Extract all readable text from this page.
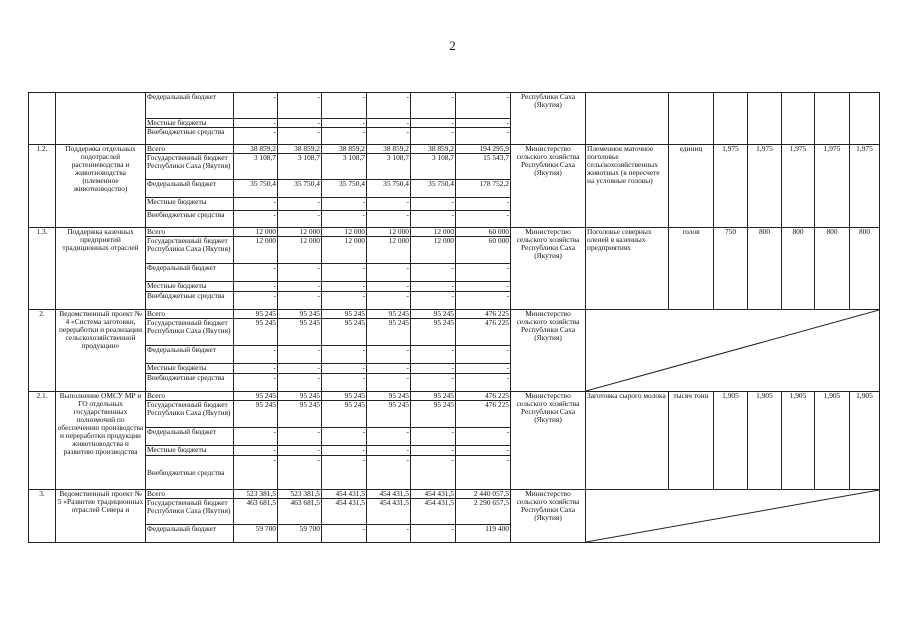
2
		Федеральный бюджет	-	-	-	-	-	-	Республики Саха (Якутия)							
		Местные бюджеты	-	-	-	-	-	-								
		Внебюджетные средства	-	-	-	-	-	-								
1.2.	Поддержка отдельных подотраслей растениеводства и животноводства (племенное животноводство)	Всего	38 859,2	38 859,2	38 859,2	38 859,2	38 859,2	194 295,9	Министерство сельского хозяйства Республики Саха (Якутия)	Племенное маточное поголовье сельскохозяйственных животных (в пересчете на условные головы)	единиц	1,975	1,975	1,975	1,975	1,975
		Государственный бюджет Республики Саха (Якутия)	3 108,7	3 108,7	3 108,7	3 108,7	3 108,7	15 543,7								
		Федеральный бюджет	35 750,4	35 750,4	35 750,4	35 750,4	35 750,4	178 752,2								
		Местные бюджеты	-	-	-	-	-	-								
		Внебюджетные средства	-	-	-	-	-	-								
1.3.	Поддержка казенных предприятий традиционных отраслей	Всего	12 000	12 000	12 000	12 000	12 000	60 000	Министерство сельского хозяйства Республики Саха (Якутия)	Поголовье северных оленей в казенных предприятиях	голов	750	800	800	800	800
		Государственный бюджет Республики Саха (Якутия)	12 000	12 000	12 000	12 000	12 000	60 000								
		Федеральный бюджет	-	-	-	-	-	-								
		Местные бюджеты	-	-	-	-	-	-								
		Внебюджетные средства	-	-	-	-	-	-								
2.	Ведомственный проект № 4 «Система заготовки, переработки и реализации сельскохозяйственной продукции»	Всего	95 245	95 245	95 245	95 245	95 245	476 225	Министерство сельского хозяйства Республики Саха (Якутия)	

		Государственный бюджет Республики Саха (Якутия)	95 245	95 245	95 245	95 245	95 245	476 225								
		Федеральный бюджет	-	-	-	-	-	-								
		Местные бюджеты	-	-	-	-	-	-								
		Внебюджетные средства	-	-	-	-	-	-								
2.1.	Выполнение ОМСУ МР и ГО отдельных государственных полномочий по обеспечению производства и переработки продукции животноводства и развитию производства	Всего	95 245	95 245	95 245	95 245	95 245	476 225	Министерство сельского хозяйства Республики Саха (Якутия)	Заготовка сырого молока	тысяч тонн	1,905	1,905	1,905	1,905	1,905
		Государственный бюджет Республики Саха (Якутия)	95 245	95 245	95 245	95 245	95 245	476 225								
		Федеральный бюджет	-	-	-	-	-	-								
		Местные бюджеты	-	-	-	-	-	-								
		Внебюджетные средства	-	-	-	-	-	-								
3.	Ведомственный проект № 5 «Развитие традиционных отраслей Севера и	Всего	523 381,5	523 381,5	454 431,5	454 431,5	454 431,5	2 440 057,5	Министерство сельского хозяйства Республики Саха (Якутия)	

		Государственный бюджет Республики Саха (Якутия)	463 681,5	463 681,5	454 431,5	454 431,5	454 431,5	2 290 657,5								
		Федеральный бюджет	59 700	59 700	-	-	-	119 400								
